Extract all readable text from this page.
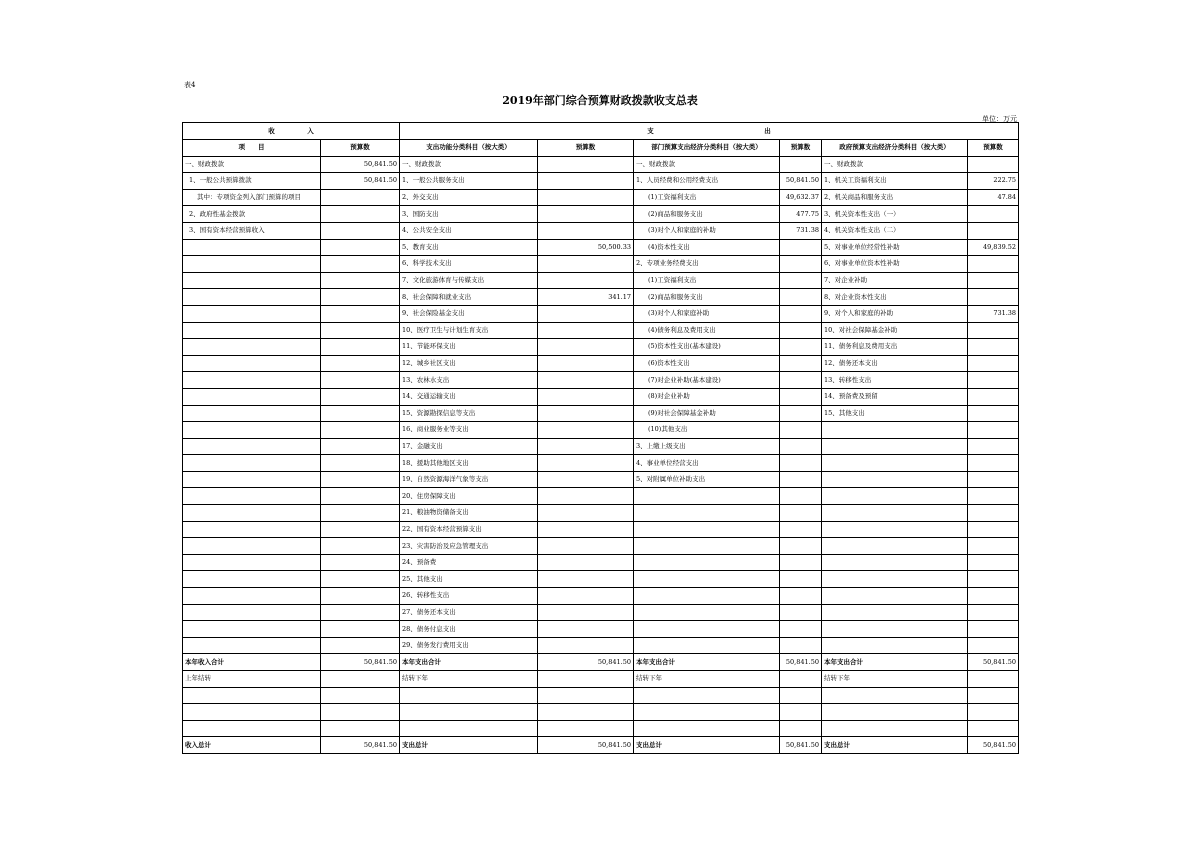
表4
2019年部门综合预算财政拨款收支总表
单位：万元
收　　　　　入		支　　　　　　　　　　　　　　　　　出					
项　　目	预算数	支出功能分类科目（按大类）	预算数	部门预算支出经济分类科目（按大类）	预算数	政府预算支出经济分类科目（按大类）	预算数
一、财政拨款	50,841.50	一、财政拨款		一、财政拨款		一、财政拨款	
1、一般公共预算拨款	50,841.50	1、一般公共服务支出		1、人员经费和公用经费支出	50,841.50	1、机关工资福利支出	222.75
其中：专项资金列入部门预算的项目		2、外交支出		(1)工资福利支出	49,632.37	2、机关商品和服务支出	47.84
2、政府性基金拨款		3、国防支出		(2)商品和服务支出	477.75	3、机关资本性支出（一）	
3、国有资本经营预算收入		4、公共安全支出		(3)对个人和家庭的补助	731.38	4、机关资本性支出（二）	
		5、教育支出	50,500.33	(4)资本性支出		5、对事业单位经常性补助	49,839.52
		6、科学技术支出		2、专项业务经费支出		6、对事业单位资本性补助	
		7、文化旅游体育与传媒支出		(1)工资福利支出		7、对企业补助	
		8、社会保障和就业支出	341.17	(2)商品和服务支出		8、对企业资本性支出	
		9、社会保险基金支出		(3)对个人和家庭补助		9、对个人和家庭的补助	731.38
		10、医疗卫生与计划生育支出		(4)债务利息及费用支出		10、对社会保障基金补助	
		11、节能环保支出		(5)资本性支出(基本建设)		11、债务利息及费用支出	
		12、城乡社区支出		(6)资本性支出		12、债务还本支出	
		13、农林水支出		(7)对企业补助(基本建设)		13、转移性支出	
		14、交通运输支出		(8)对企业补助		14、预备费及预留	
		15、资源勘探信息等支出		(9)对社会保障基金补助		15、其他支出	
		16、商业服务业等支出		(10)其他支出			
		17、金融支出		3、上缴上级支出			
		18、援助其他地区支出		4、事业单位经营支出			
		19、自然资源海洋气象等支出		5、对附属单位补助支出			
		20、住房保障支出					
		21、粮油物资储备支出					
		22、国有资本经营预算支出					
		23、灾害防治及应急管理支出					
		24、预备费					
		25、其他支出					
		26、转移性支出					
		27、债务还本支出					
		28、债务付息支出					
		29、债务发行费用支出					
本年收入合计	50,841.50	本年支出合计	50,841.50	本年支出合计	50,841.50	本年支出合计	50,841.50
上年结转		结转下年		结转下年		结转下年	

收入总计	50,841.50	支出总计	50,841.50	支出总计	50,841.50	支出总计	50,841.50
